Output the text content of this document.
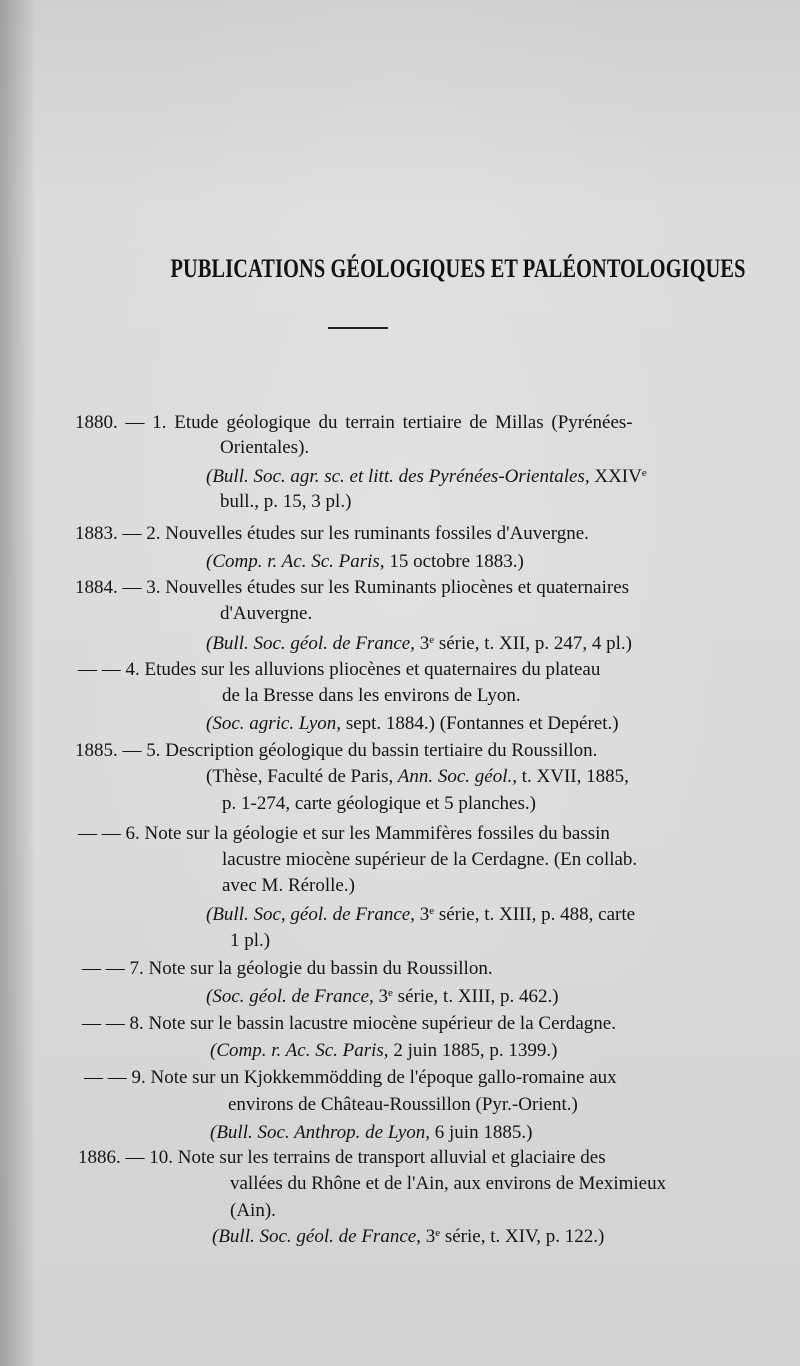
PUBLICATIONS GÉOLOGIQUES ET PALÉONTOLOGIQUES
1880. — 1. Etude géologique du terrain tertiaire de Millas (Pyrénées-
Orientales).
(Bull. Soc. agr. sc. et litt. des Pyrénées-Orientales, XXIVe
bull., p. 15, 3 pl.)
1883. — 2. Nouvelles études sur les ruminants fossiles d'Auvergne.
(Comp. r. Ac. Sc. Paris, 15 octobre 1883.)
1884. — 3. Nouvelles études sur les Ruminants pliocènes et quaternaires
d'Auvergne.
(Bull. Soc. géol. de France, 3e série, t. XII, p. 247, 4 pl.)
— — 4. Etudes sur les alluvions pliocènes et quaternaires du plateau
de la Bresse dans les environs de Lyon.
(Soc. agric. Lyon, sept. 1884.) (Fontannes et Depéret.)
1885. — 5. Description géologique du bassin tertiaire du Roussillon.
(Thèse, Faculté de Paris, Ann. Soc. géol., t. XVII, 1885,
p. 1-274, carte géologique et 5 planches.)
— — 6. Note sur la géologie et sur les Mammifères fossiles du bassin
lacustre miocène supérieur de la Cerdagne. (En collab.
avec M. Rérolle.)
(Bull. Soc, géol. de France, 3e série, t. XIII, p. 488, carte
1 pl.)
— — 7. Note sur la géologie du bassin du Roussillon.
(Soc. géol. de France, 3e série, t. XIII, p. 462.)
— — 8. Note sur le bassin lacustre miocène supérieur de la Cerdagne.
(Comp. r. Ac. Sc. Paris, 2 juin 1885, p. 1399.)
— — 9. Note sur un Kjokkemmödding de l'époque gallo-romaine aux
environs de Château-Roussillon (Pyr.-Orient.)
(Bull. Soc. Anthrop. de Lyon, 6 juin 1885.)
1886. — 10. Note sur les terrains de transport alluvial et glaciaire des
vallées du Rhône et de l'Ain, aux environs de Meximieux
(Ain).
(Bull. Soc. géol. de France, 3e série, t. XIV, p. 122.)
